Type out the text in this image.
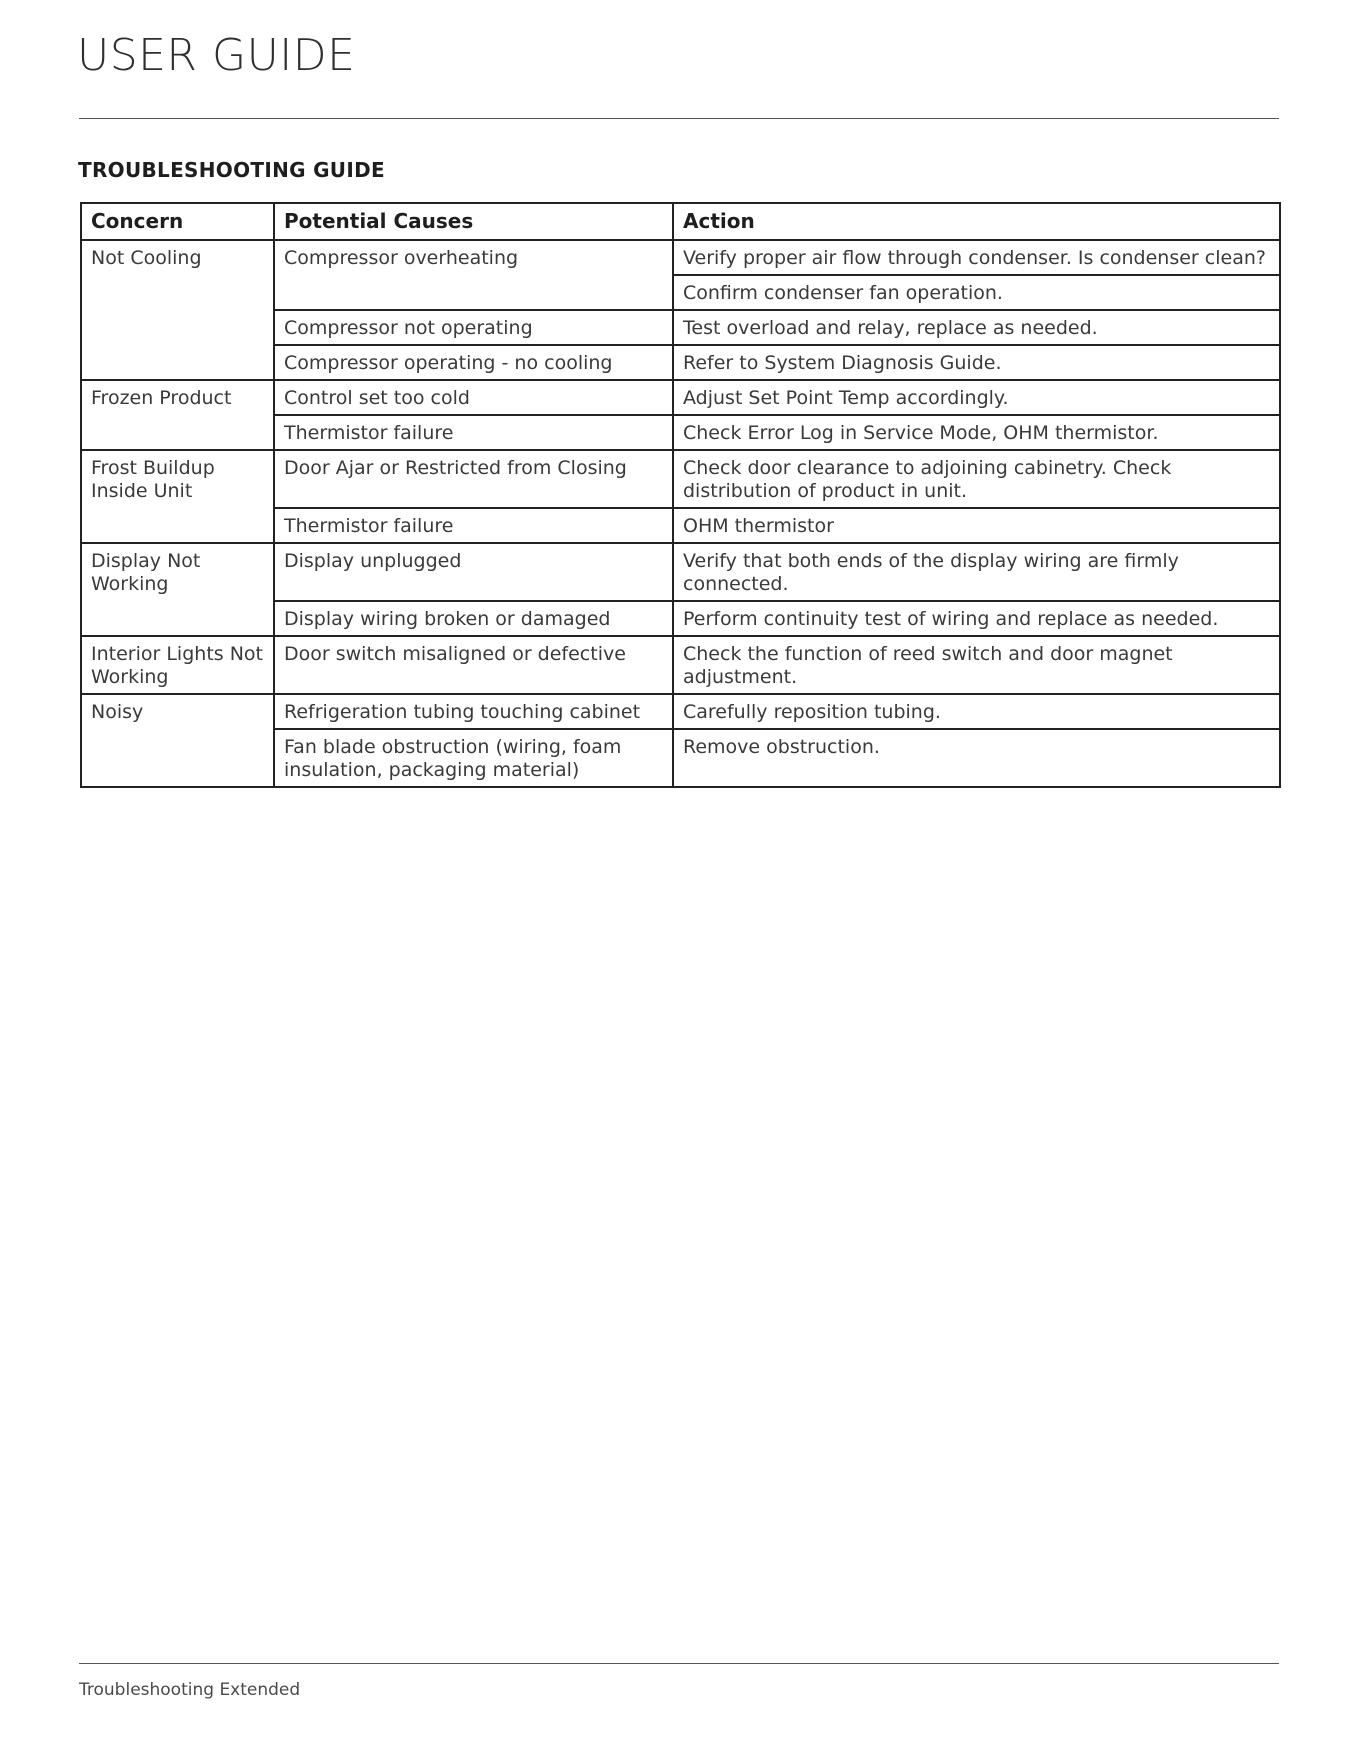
USER GUIDE
TROUBLESHOOTING GUIDE
Concern	Potential Causes	Action
Not Cooling	Compressor overheating	Verify proper air flow through condenser. Is condenser clean?
		Confirm condenser fan operation.
	Compressor not operating	Test overload and relay, replace as needed.
	Compressor operating - no cooling	Refer to System Diagnosis Guide.
Frozen Product	Control set too cold	Adjust Set Point Temp accordingly.
	Thermistor failure	Check Error Log in Service Mode, OHM thermistor.
Frost Buildup Inside Unit	Door Ajar or Restricted from Closing	Check door clearance to adjoining cabinetry. Check distribution of product in unit.
	Thermistor failure	OHM thermistor
Display Not Working	Display unplugged	Verify that both ends of the display wiring are firmly connected.
	Display wiring broken or damaged	Perform continuity test of wiring and replace as needed.
Interior Lights Not Working	Door switch misaligned or defective	Check the function of reed switch and door magnet adjustment.
Noisy	Refrigeration tubing touching cabinet	Carefully reposition tubing.
	Fan blade obstruction (wiring, foam insulation, packaging material)	Remove obstruction.

Troubleshooting Extended
